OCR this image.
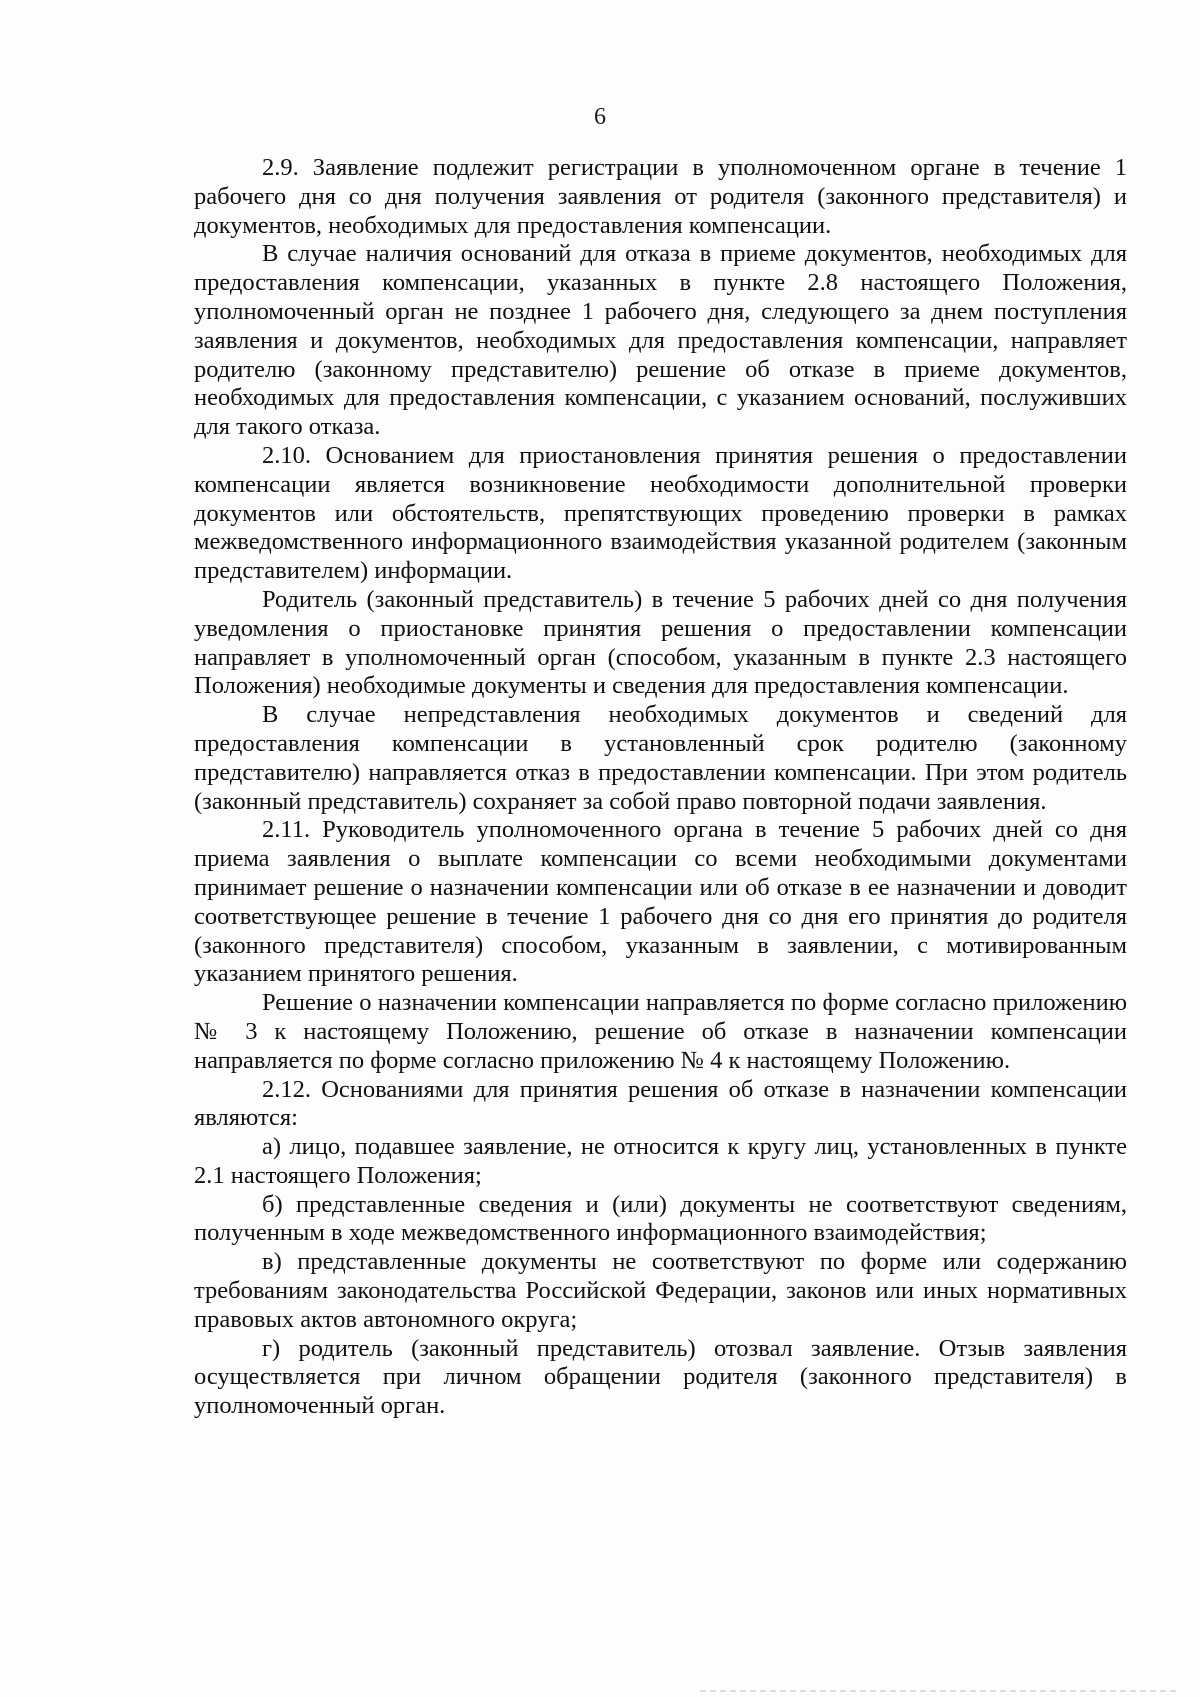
6

2.9. Заявление подлежит регистрации в уполномоченном органе в течение 1 рабочего дня со дня получения заявления от родителя (законного представителя) и документов, необходимых для предоставления компенсации.

В случае наличия оснований для отказа в приеме документов, необходимых для предоставления компенсации, указанных в пункте 2.8 настоящего Положения, уполномоченный орган не позднее 1 рабочего дня, следующего за днем поступления заявления и документов, необходимых для предоставления компенсации, направляет родителю (законному представителю) решение об отказе в приеме документов, необходимых для предоставления компенсации, с указанием оснований, послуживших для такого отказа.

2.10. Основанием для приостановления принятия решения о предоставлении компенсации является возникновение необходимости дополнительной проверки документов или обстоятельств, препятствующих проведению проверки в рамках межведомственного информационного взаимодействия указанной родителем (законным представителем) информации.

Родитель (законный представитель) в течение 5 рабочих дней со дня получения уведомления о приостановке принятия решения о предоставлении компенсации направляет в уполномоченный орган (способом, указанным в пункте 2.3 настоящего Положения) необходимые документы и сведения для предоставления компенсации.

В случае непредставления необходимых документов и сведений для предоставления компенсации в установленный срок родителю (законному представителю) направляется отказ в предоставлении компенсации. При этом родитель (законный представитель) сохраняет за собой право повторной подачи заявления.

2.11. Руководитель уполномоченного органа в течение 5 рабочих дней со дня приема заявления о выплате компенсации со всеми необходимыми документами принимает решение о назначении компенсации или об отказе в ее назначении и доводит соответствующее решение в течение 1 рабочего дня со дня его принятия до родителя (законного представителя) способом, указанным в заявлении, с мотивированным указанием принятого решения.

Решение о назначении компенсации направляется по форме согласно приложению № 3 к настоящему Положению, решение об отказе в назначении компенсации направляется по форме согласно приложению № 4 к настоящему Положению.

2.12. Основаниями для принятия решения об отказе в назначении компенсации являются:

а) лицо, подавшее заявление, не относится к кругу лиц, установленных в пункте 2.1 настоящего Положения;

б) представленные сведения и (или) документы не соответствуют сведениям, полученным в ходе межведомственного информационного взаимодействия;

в) представленные документы не соответствуют по форме или содержанию требованиям законодательства Российской Федерации, законов или иных нормативных правовых актов автономного округа;

г) родитель (законный представитель) отозвал заявление. Отзыв заявления осуществляется при личном обращении родителя (законного представителя) в уполномоченный орган.
